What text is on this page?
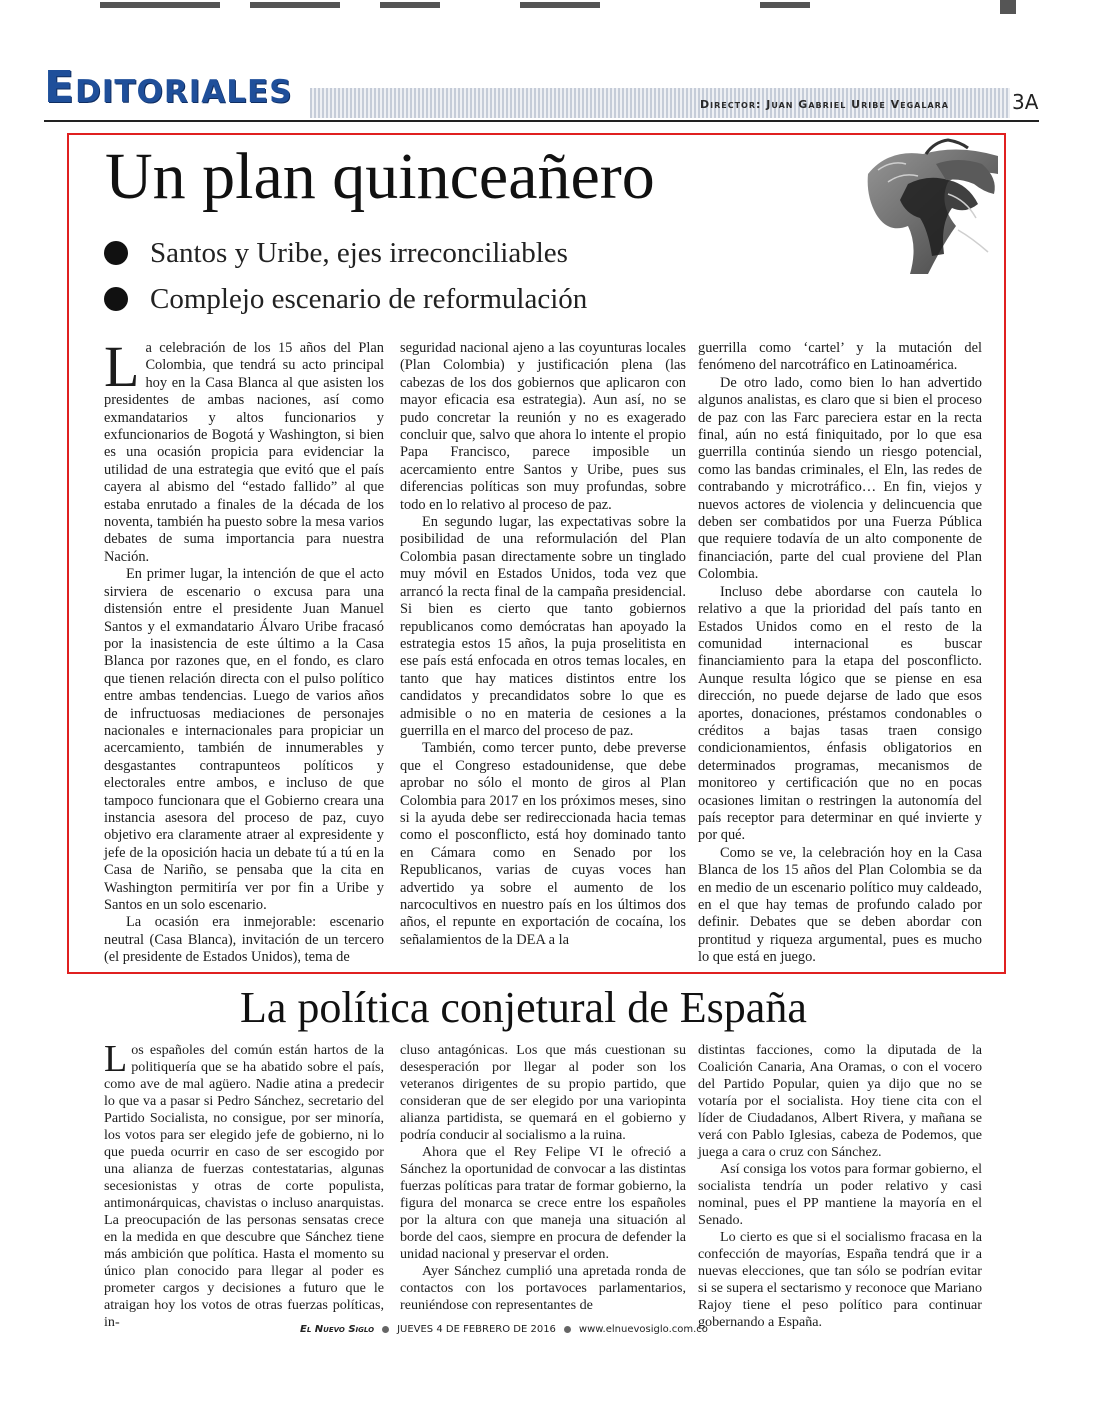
Editoriales	Director: Juan Gabriel Uribe Vegalara	3A
Un plan quinceañero
Santos y Uribe, ejes irreconciliables
Complejo escenario de reformulación

La celebración de los 15 años del Plan Colombia, que tendrá su acto principal hoy en la Casa Blanca al que asisten los presidentes de ambas naciones, así como exmandatarios y altos funcionarios y exfuncionarios de Bogotá y Washington, si bien es una ocasión propicia para evidenciar la utilidad de una estrategia que evitó que el país cayera al abismo del “estado fallido” al que estaba enrutado a finales de la década de los noventa, también ha puesto sobre la mesa varios debates de suma importancia para nuestra Nación.

En primer lugar, la intención de que el acto sirviera de escenario o excusa para una distensión entre el presidente Juan Manuel Santos y el exmandatario Álvaro Uribe fracasó por la inasistencia de este último a la Casa Blanca por razones que, en el fondo, es claro que tienen relación directa con el pulso político entre ambas tendencias. Luego de varios años de infructuosas mediaciones de personajes nacionales e internacionales para propiciar un acercamiento, también de innumerables y desgastantes contrapunteos políticos y electorales entre ambos, e incluso de que tampoco funcionara que el Gobierno creara una instancia asesora del proceso de paz, cuyo objetivo era claramente atraer al expresidente y jefe de la oposición hacia un debate tú a tú en la Casa de Nariño, se pensaba que la cita en Washington permitiría ver por fin a Uribe y Santos en un solo escenario.

La ocasión era inmejorable: escenario neutral (Casa Blanca), invitación de un tercero (el presidente de Estados Unidos), tema de

seguridad nacional ajeno a las coyunturas locales (Plan Colombia) y justificación plena (las cabezas de los dos gobiernos que aplicaron con mayor eficacia esa estrategia). Aun así, no se pudo concretar la reunión y no es exagerado concluir que, salvo que ahora lo intente el propio Papa Francisco, parece imposible un acercamiento entre Santos y Uribe, pues sus diferencias políticas son muy profundas, sobre todo en lo relativo al proceso de paz.

En segundo lugar, las expectativas sobre la posibilidad de una reformulación del Plan Colombia pasan directamente sobre un tinglado muy móvil en Estados Unidos, toda vez que arrancó la recta final de la campaña presidencial. Si bien es cierto que tanto gobiernos republicanos como demócratas han apoyado la estrategia estos 15 años, la puja proselitista en ese país está enfocada en otros temas locales, en tanto que hay matices distintos entre los candidatos y precandidatos sobre lo que es admisible o no en materia de cesiones a la guerrilla en el marco del proceso de paz.

También, como tercer punto, debe preverse que el Congreso estadounidense, que debe aprobar no sólo el monto de giros al Plan Colombia para 2017 en los próximos meses, sino si la ayuda debe ser redireccionada hacia temas como el posconflicto, está hoy dominado tanto en Cámara como en Senado por los Republicanos, varias de cuyas voces han advertido ya sobre el aumento de los narcocultivos en nuestro país en los últimos dos años, el repunte en exportación de cocaína, los señalamientos de la DEA a la

guerrilla como ‘cartel’ y la mutación del fenómeno del narcotráfico en Latinoamérica.

De otro lado, como bien lo han advertido algunos analistas, es claro que si bien el proceso de paz con las Farc pareciera estar en la recta final, aún no está finiquitado, por lo que esa guerrilla continúa siendo un riesgo potencial, como las bandas criminales, el Eln, las redes de contrabando y microtráfico… En fin, viejos y nuevos actores de violencia y delincuencia que deben ser combatidos por una Fuerza Pública que requiere todavía de un alto componente de financiación, parte del cual proviene del Plan Colombia.

Incluso debe abordarse con cautela lo relativo a que la prioridad del país tanto en Estados Unidos como en el resto de la comunidad internacional es buscar financiamiento para la etapa del posconflicto. Aunque resulta lógico que se piense en esa dirección, no puede dejarse de lado que esos aportes, donaciones, préstamos condonables o créditos a bajas tasas traen consigo condicionamientos, énfasis obligatorios en determinados programas, mecanismos de monitoreo y certificación que no en pocas ocasiones limitan o restringen la autonomía del país receptor para determinar en qué invierte y por qué.

Como se ve, la celebración hoy en la Casa Blanca de los 15 años del Plan Colombia se da en medio de un escenario político muy caldeado, en el que hay temas de profundo calado por definir. Debates que se deben abordar con prontitud y riqueza argumental, pues es mucho lo que está en juego.

La política conjetural de España

Los españoles del común están hartos de la politiquería que se ha abatido sobre el país, como ave de mal agüero. Nadie atina a predecir lo que va a pasar si Pedro Sánchez, secretario del Partido Socialista, no consigue, por ser minoría, los votos para ser elegido jefe de gobierno, ni lo que pueda ocurrir en caso de ser escogido por una alianza de fuerzas contestatarias, algunas secesionistas y otras de corte populista, antimonárquicas, chavistas o incluso anarquistas. La preocupación de las personas sensatas crece en la medida en que descubre que Sánchez tiene más ambición que política. Hasta el momento su único plan conocido para llegar al poder es prometer cargos y decisiones a futuro que le atraigan hoy los votos de otras fuerzas políticas, in-

cluso antagónicas. Los que más cuestionan su desesperación por llegar al poder son los veteranos dirigentes de su propio partido, que consideran que de ser elegido por una variopinta alianza partidista, se quemará en el gobierno y podría conducir al socialismo a la ruina.

Ahora que el Rey Felipe VI le ofreció a Sánchez la oportunidad de convocar a las distintas fuerzas políticas para tratar de formar gobierno, la figura del monarca se crece entre los españoles por la altura con que maneja una situación al borde del caos, siempre en procura de defender la unidad nacional y preservar el orden.

Ayer Sánchez cumplió una apretada ronda de contactos con los portavoces parlamentarios, reuniéndose con representantes de

distintas facciones, como la diputada de la Coalición Canaria, Ana Oramas, o con el vocero del Partido Popular, quien ya dijo que no se votaría por el socialista. Hoy tiene cita con el líder de Ciudadanos, Albert Rivera, y mañana se verá con Pablo Iglesias, cabeza de Podemos, que juega a cara o cruz con Sánchez.

Así consiga los votos para formar gobierno, el socialista tendría un poder relativo y casi nominal, pues el PP mantiene la mayoría en el Senado.

Lo cierto es que si el socialismo fracasa en la confección de mayorías, España tendrá que ir a nuevas elecciones, que tan sólo se podrían evitar si se supera el sectarismo y reconoce que Mariano Rajoy tiene el peso político para continuar gobernando a España.

El Nuevo Siglo JUEVES 4 DE FEBRERO DE 2016 www.elnuevosiglo.com.co
